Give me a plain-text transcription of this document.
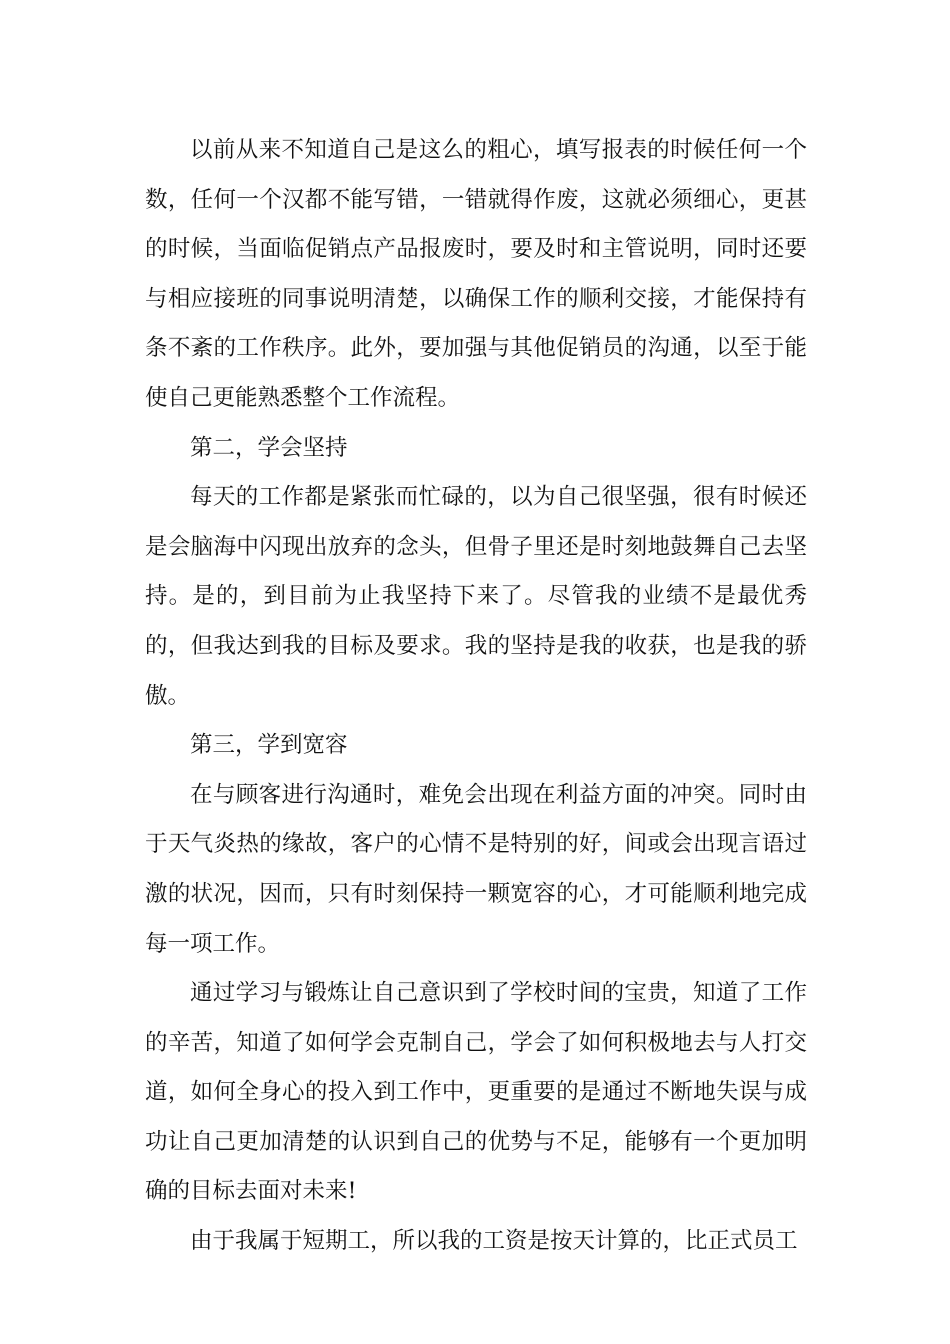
以前从来不知道自己是这么的粗心，填写报表的时候任何一个数，任何一个汉都不能写错，一错就得作废，这就必须细心，更甚的时候，当面临促销点产品报废时，要及时和主管说明，同时还要与相应接班的同事说明清楚，以确保工作的顺利交接，才能保持有条不紊的工作秩序。此外，要加强与其他促销员的沟通，以至于能使自己更能熟悉整个工作流程。

第二，学会坚持

每天的工作都是紧张而忙碌的，以为自己很坚强，很有时候还是会脑海中闪现出放弃的念头，但骨子里还是时刻地鼓舞自己去坚持。是的，到目前为止我坚持下来了。尽管我的业绩不是最优秀的，但我达到我的目标及要求。我的坚持是我的收获，也是我的骄傲。

第三，学到宽容

在与顾客进行沟通时，难免会出现在利益方面的冲突。同时由于天气炎热的缘故，客户的心情不是特别的好，间或会出现言语过激的状况，因而，只有时刻保持一颗宽容的心，才可能顺利地完成每一项工作。

通过学习与锻炼让自己意识到了学校时间的宝贵，知道了工作的辛苦，知道了如何学会克制自己，学会了如何积极地去与人打交道，如何全身心的投入到工作中，更重要的是通过不断地失误与成功让自己更加清楚的认识到自己的优势与不足，能够有一个更加明确的目标去面对未来!

由于我属于短期工，所以我的工资是按天计算的，比正式员工
